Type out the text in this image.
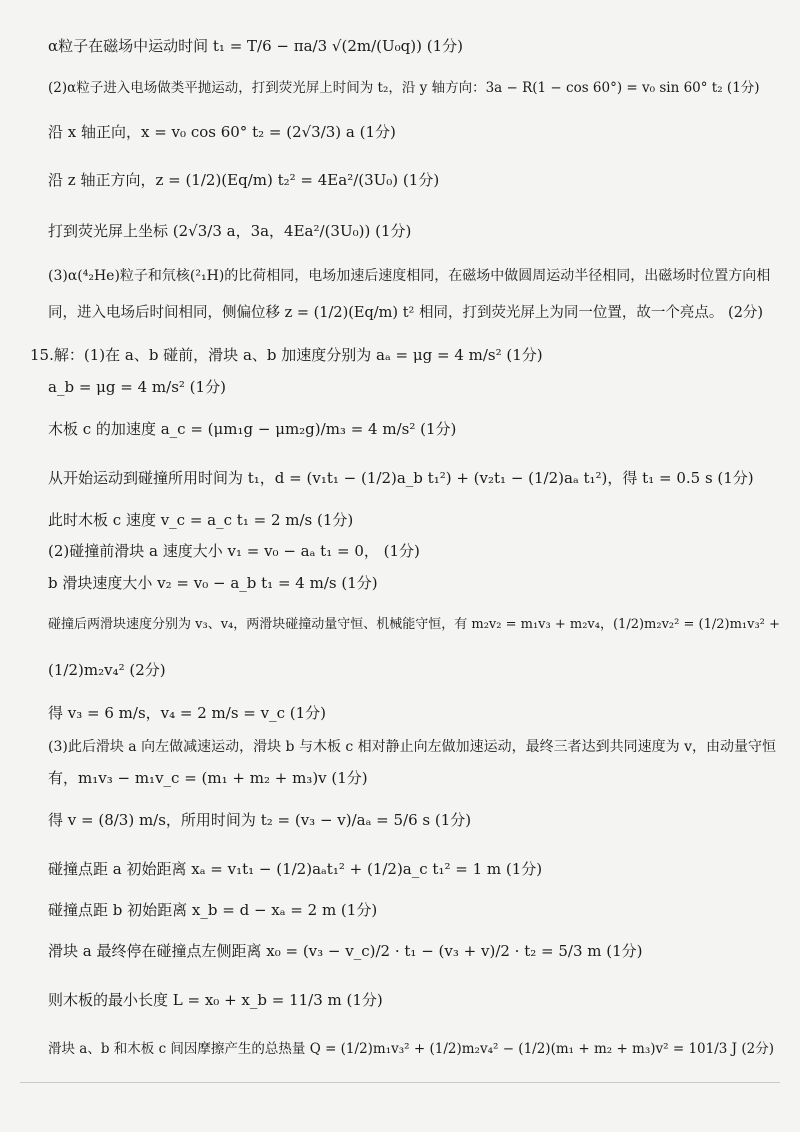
α粒子在磁场中运动时间 t₁ = T/6 − πa/3 √(2m/(U₀q)) (1分)
(2)α粒子进入电场做类平抛运动，打到荧光屏上时间为 t₂，沿 y 轴方向：3a − R(1 − cos 60°) = v₀ sin 60° t₂ (1分)
沿 x 轴正向，x = v₀ cos 60° t₂ = (2√3/3) a (1分)
沿 z 轴正方向，z = (1/2)(Eq/m) t₂² = 4Ea²/(3U₀) (1分)
打到荧光屏上坐标 (2√3/3 a，3a，4Ea²/(3U₀)) (1分)
(3)α(⁴₂He)粒子和氘核(²₁H)的比荷相同，电场加速后速度相同，在磁场中做圆周运动半径相同，出磁场时位置方向相
同，进入电场后时间相同，侧偏位移 z = (1/2)(Eq/m) t² 相同，打到荧光屏上为同一位置，故一个亮点。 (2分)
15.解：(1)在 a、b 碰前，滑块 a、b 加速度分别为 aₐ = μg = 4 m/s² (1分)
a_b = μg = 4 m/s² (1分)
木板 c 的加速度 a_c = (μm₁g − μm₂g)/m₃ = 4 m/s² (1分)
从开始运动到碰撞所用时间为 t₁，d = (v₁t₁ − (1/2)a_b t₁²) + (v₂t₁ − (1/2)aₐ t₁²)，得 t₁ = 0.5 s (1分)
此时木板 c 速度 v_c = a_c t₁ = 2 m/s (1分)
(2)碰撞前滑块 a 速度大小 v₁ = v₀ − aₐ t₁ = 0， (1分)
b 滑块速度大小 v₂ = v₀ − a_b t₁ = 4 m/s (1分)
碰撞后两滑块速度分别为 v₃、v₄，两滑块碰撞动量守恒、机械能守恒，有 m₂v₂ = m₁v₃ + m₂v₄，(1/2)m₂v₂² = (1/2)m₁v₃² +
(1/2)m₂v₄² (2分)
得 v₃ = 6 m/s，v₄ = 2 m/s = v_c (1分)
(3)此后滑块 a 向左做减速运动，滑块 b 与木板 c 相对静止向左做加速运动，最终三者达到共同速度为 v，由动量守恒
有，m₁v₃ − m₁v_c = (m₁ + m₂ + m₃)v (1分)
得 v = (8/3) m/s，所用时间为 t₂ = (v₃ − v)/aₐ = 5/6 s (1分)
碰撞点距 a 初始距离 xₐ = v₁t₁ − (1/2)aₐt₁² + (1/2)a_c t₁² = 1 m (1分)
碰撞点距 b 初始距离 x_b = d − xₐ = 2 m (1分)
滑块 a 最终停在碰撞点左侧距离 x₀ = (v₃ − v_c)/2 · t₁ − (v₃ + v)/2 · t₂ = 5/3 m (1分)
则木板的最小长度 L = x₀ + x_b = 11/3 m (1分)
滑块 a、b 和木板 c 间因摩擦产生的总热量 Q = (1/2)m₁v₃² + (1/2)m₂v₄² − (1/2)(m₁ + m₂ + m₃)v² = 101/3 J (2分)
